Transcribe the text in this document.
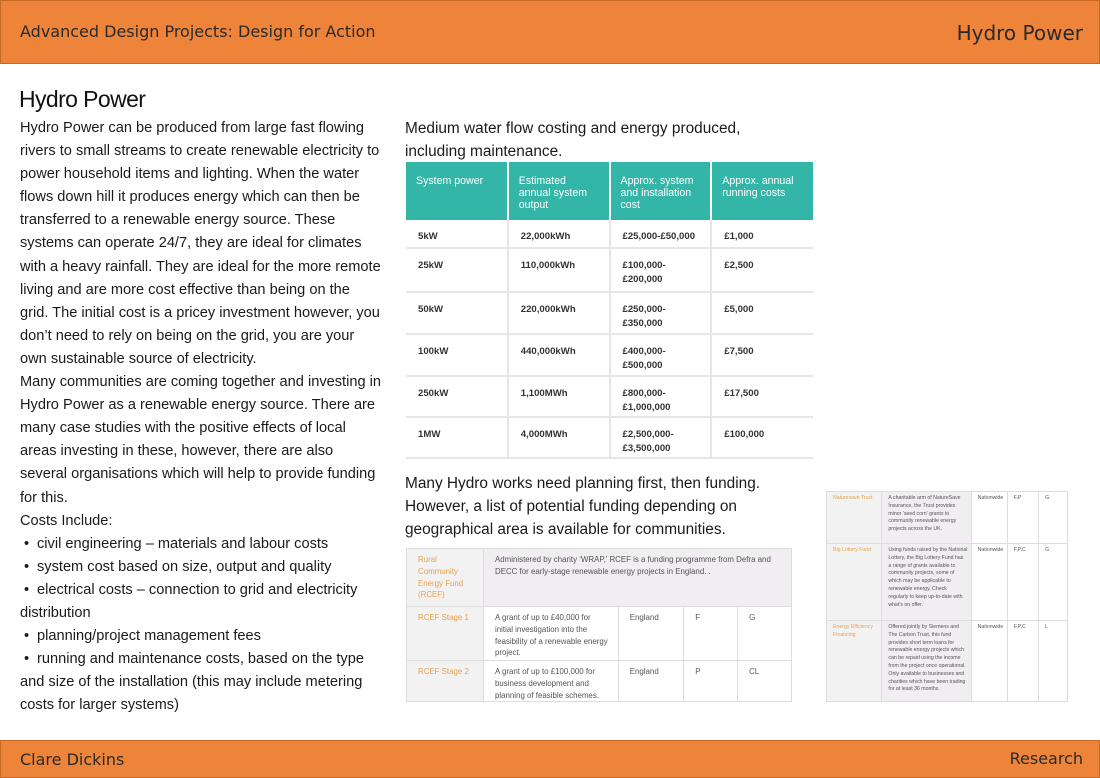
Advanced Design Projects: Design for Action	Hydro Power
Hydro Power

Hydro Power can be produced from large fast flowing rivers to small streams to create renewable electricity to power household items and lighting. When the water flows down hill it produces energy which can then be transferred to a renewable energy source. These systems can operate 24/7, they are ideal for climates with a heavy rainfall. They are ideal for the more remote living and are more cost effective than being on the grid. The initial cost is a pricey investment however, you don’t need to rely on being on the grid, you are your own sustainable source of electricity.

Many communities are coming together and investing in Hydro Power as a renewable energy source. There are many case studies with the positive effects of local areas investing in these, however, there are also several organisations which will help to provide funding for this.

Costs Include:

• civil engineering – materials and labour costs
• system cost based on size, output and quality
• electrical costs – connection to grid and electricity distribution
• planning/project management fees
• running and maintenance costs, based on the type and size of the installation (this may include metering costs for larger systems)
Medium water flow costing and energy produced, including maintenance.
System power	Estimated annual system output	Approx. system and installation cost	Approx. annual running costs
5kW	22,000kWh	£25,000-£50,000	£1,000
25kW	110,000kWh	£100,000-£200,000	£2,500
50kW	220,000kWh	£250,000-£350,000	£5,000
100kW	440,000kWh	£400,000-£500,000	£7,500
250kW	1,100MWh	£800,000-£1,000,000	£17,500
1MW	4,000MWh	£2,500,000-£3,500,000	£100,000
Many Hydro works need planning first, then funding. However, a list of potential funding depending on geographical area is available for communities.
Rural Community Energy Fund (RCEF)	Administered by charity ‘WRAP,’ RCEF is a funding programme from Defra and DECC for early-stage renewable energy projects in England. .			
RCEF Stage 1	A grant of up to £40,000 for initial investigation into the feasibility of a renewable energy project.	England	F	G
RCEF Stage 2	A grant of up to £100,000 for business development and planning of feasible schemes.	England	P	CL
Naturesave Trust	A charitable arm of NatureSave Insurance, the Trust provides minor 'seed corn' grants to community renewable energy projects across the UK.	Nationwide	F,P	G
Big Lottery Fund	Using funds raised by the National Lottery, the Big Lottery Fund has a range of grants available to community projects, some of which may be applicable to renewable energy. Check regularly to keep up-to-date with what's on offer.	Nationwide	F,P,C	G
Energy Efficiency Financing	Offered jointly by Siemens and The Carbon Trust, this fund provides short term loans for renewable energy projects which can be repaid using the income from the project once operational. Only available to businesses and charities which have been trading for at least 36 months.	Nationwide	F,P,C	L
Clare Dickins	Research
